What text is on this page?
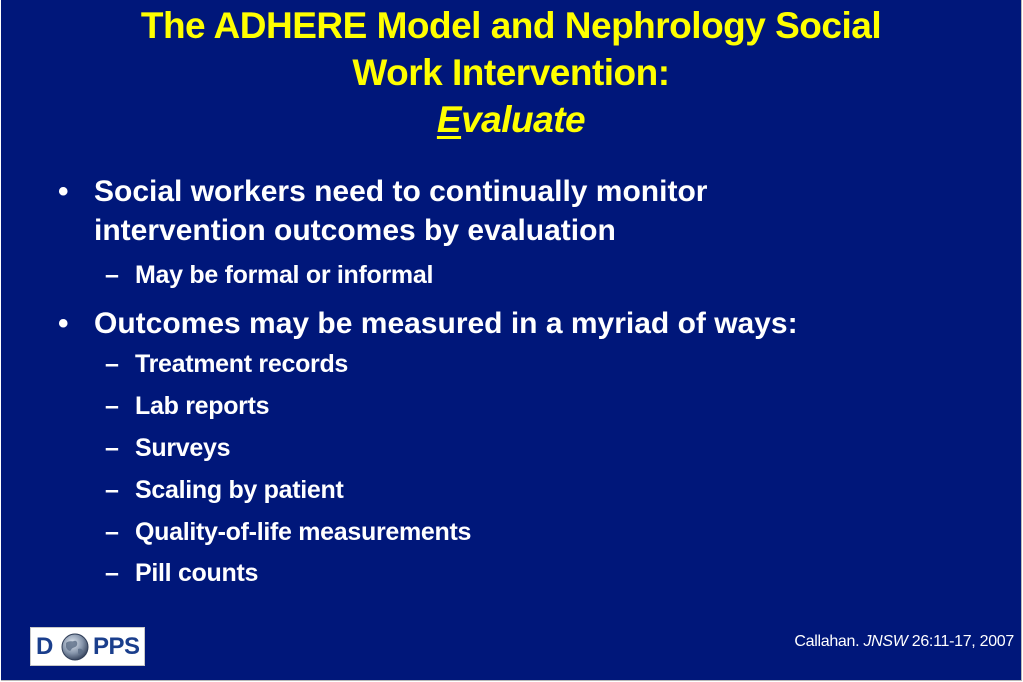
The ADHERE Model and Nephrology Social
Work Intervention:
Evaluate
• Social workers need to continually monitor
intervention outcomes by evaluation
– May be formal or informal
• Outcomes may be measured in a myriad of ways:
– Treatment records
– Lab reports
– Surveys
– Scaling by patient
– Quality-of-life measurements
– Pill counts
D PPS	Callahan. JNSW 26:11-17, 2007
